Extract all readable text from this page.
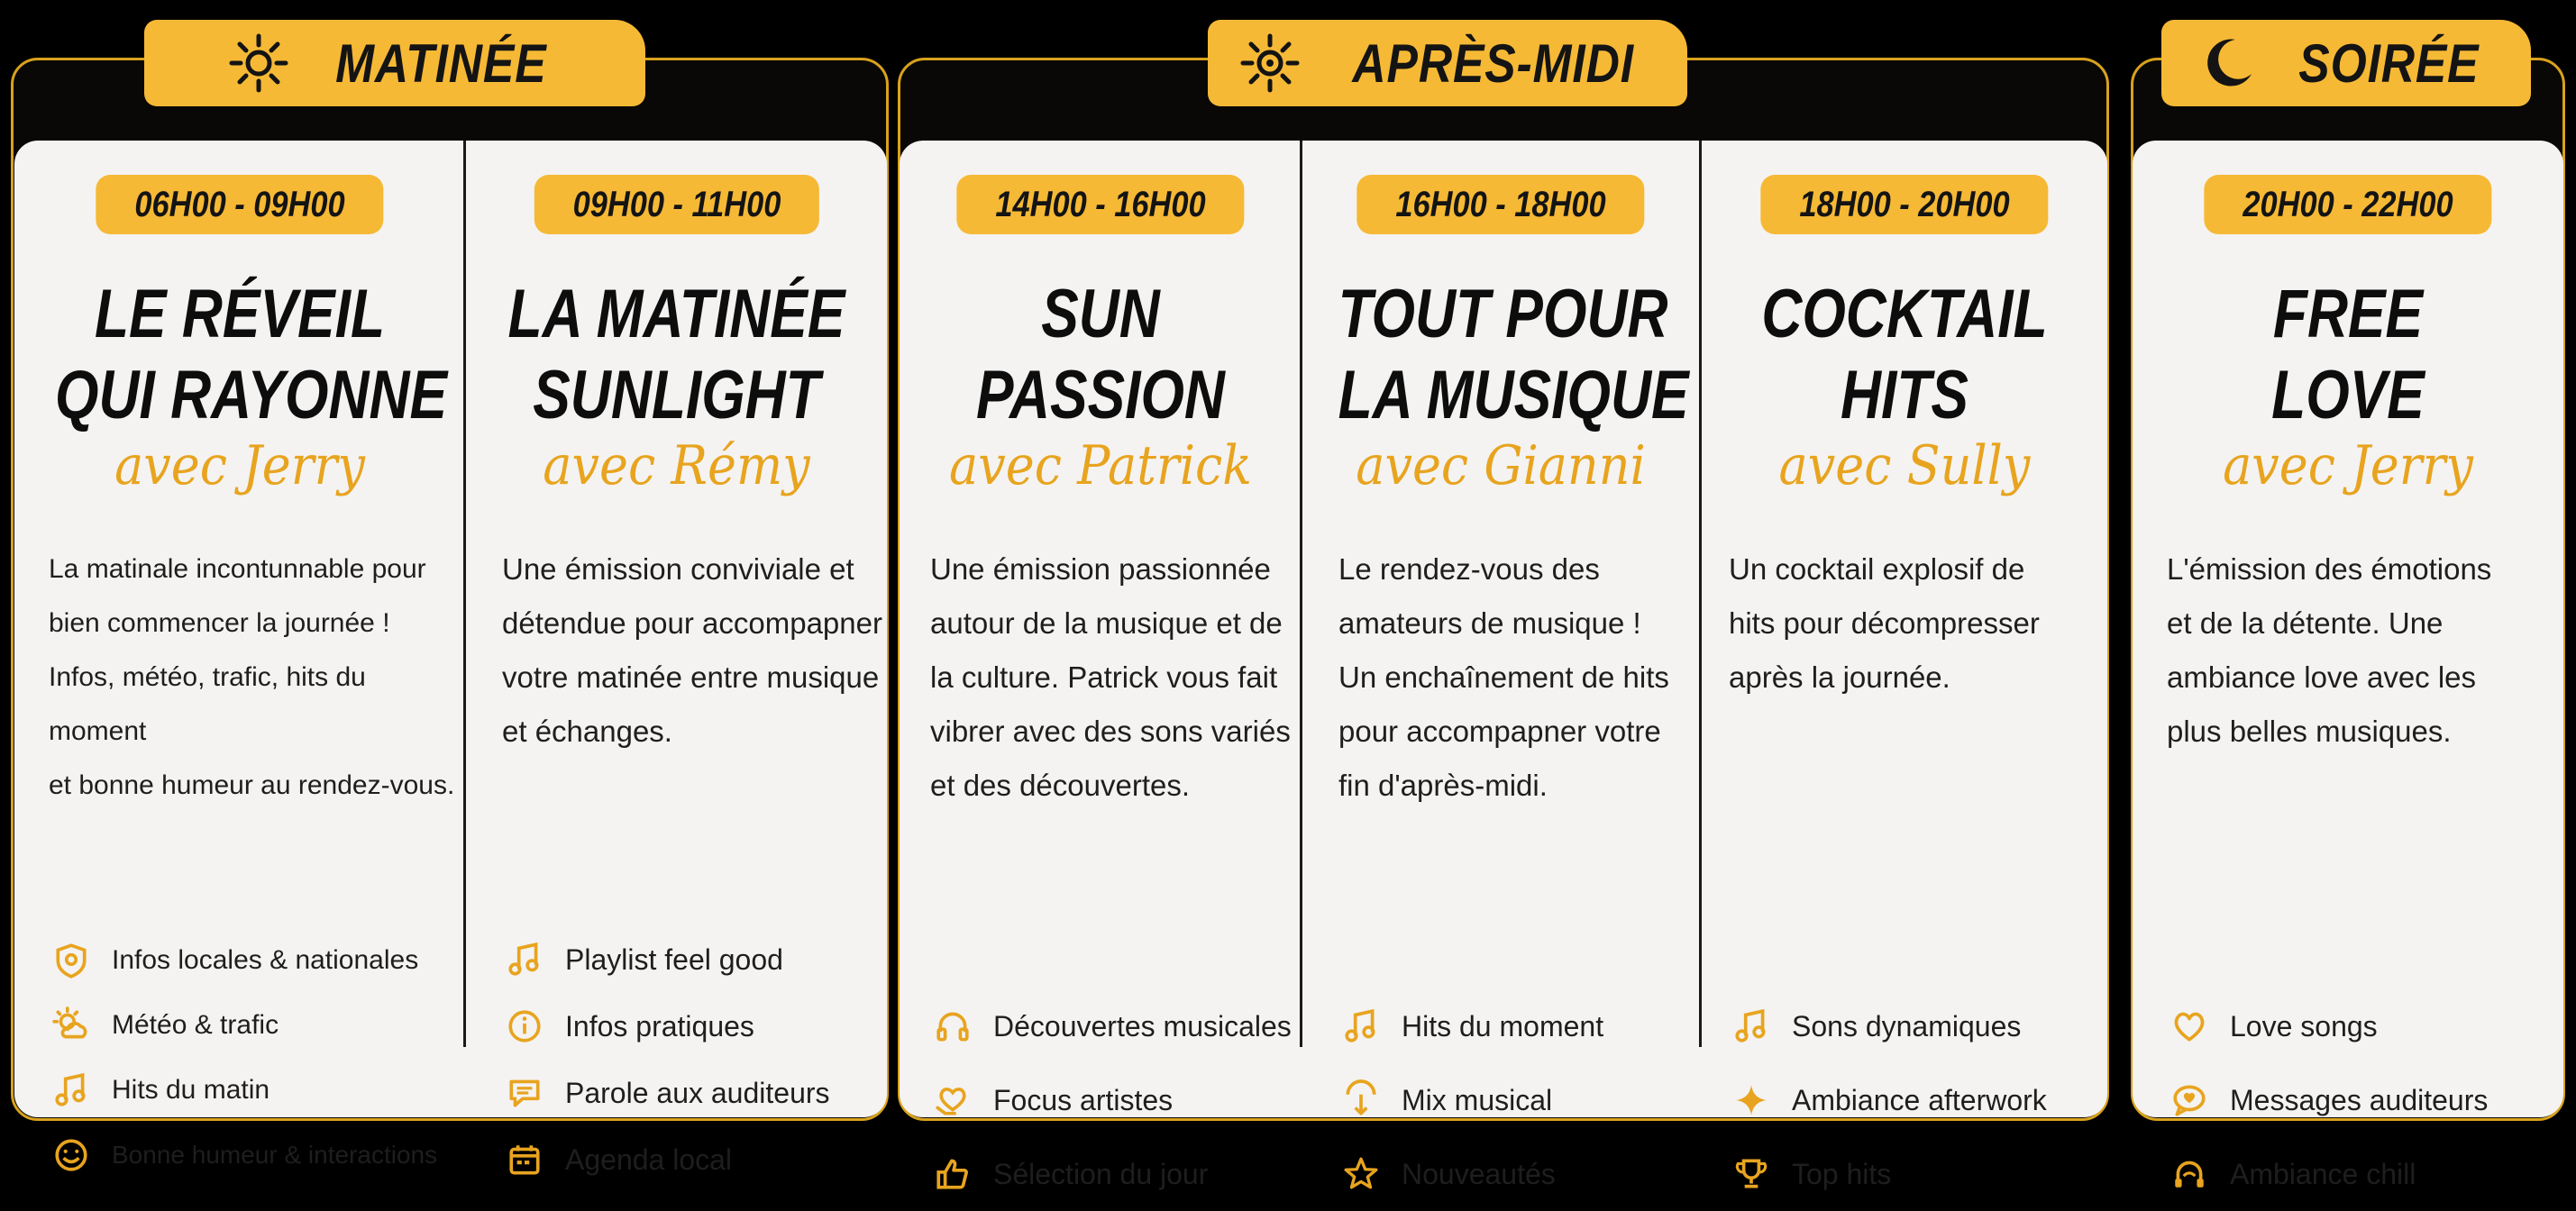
MATINÉE	APRÈS-MIDI	SOIRÉE
06H00 - 09H00
LE RÉVEIL
QUI RAYONNE
avec Jerry
La matinale incontunnable pour
bien commencer la journée !
Infos, météo, trafic, hits du moment
et bonne humeur au rendez-vous.
Infos locales & nationales
Météo & trafic
Hits du matin
Bonne humeur & interactions
09H00 - 11H00
LA MATINÉE
SUNLIGHT
avec Rémy
Une émission conviviale et
détendue pour accompapner
votre matinée entre musique
et échanges.
Playlist feel good
Infos pratiques
Parole aux auditeurs
Agenda local
14H00 - 16H00
SUN
PASSION
avec Patrick
Une émission passionnée
autour de la musique et de
la culture. Patrick vous fait
vibrer avec des sons variés
et des découvertes.
Découvertes musicales
Focus artistes
Sélection du jour
16H00 - 18H00
TOUT POUR
LA MUSIQUE
avec Gianni
Le rendez-vous des
amateurs de musique !
Un enchaînement de hits
pour accompapner votre
fin d'après-midi.
Hits du moment
Mix musical
Nouveautés
18H00 - 20H00
COCKTAIL
HITS
avec Sully
Un cocktail explosif de
hits pour décompresser
après la journée.
Sons dynamiques
Ambiance afterwork
Top hits
20H00 - 22H00
FREE
LOVE
avec Jerry
L'émission des émotions
et de la détente. Une
ambiance love avec les
plus belles musiques.
Love songs
Messages auditeurs
Ambiance chill
